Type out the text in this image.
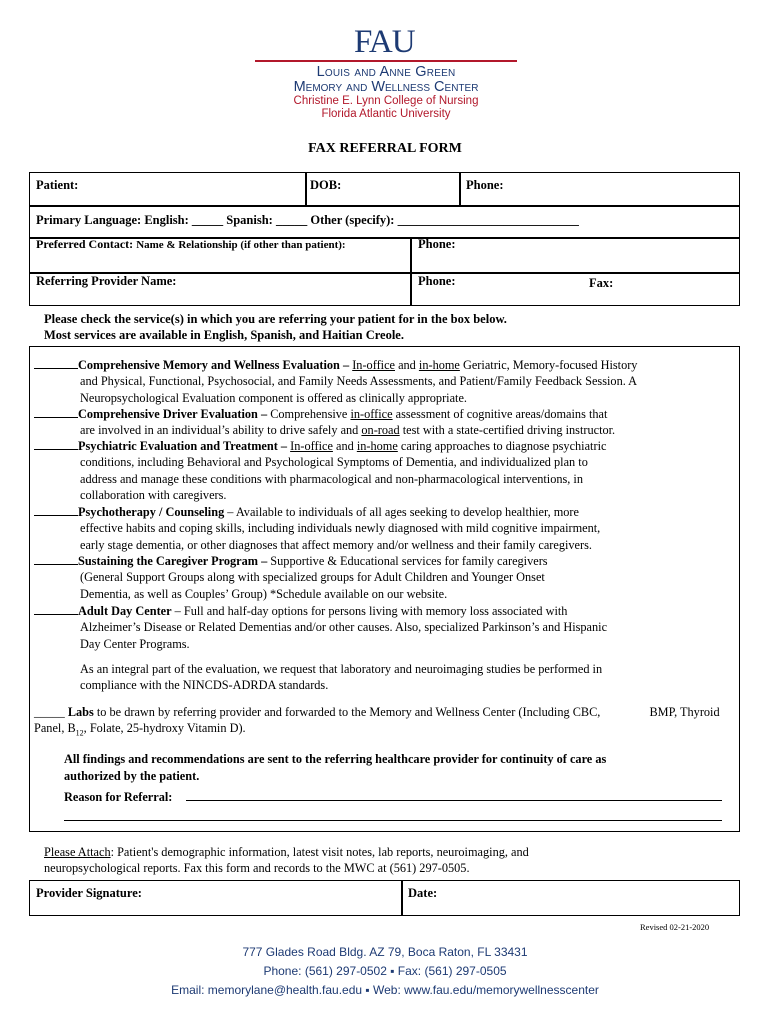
FAU
Louis and Anne Green
Memory and Wellness Center
Christine E. Lynn College of Nursing
Florida Atlantic University
FAX REFERRAL FORM
Patient:	DOB:	Phone:
Primary Language: English: _____ Spanish: _____ Other (specify): _____________________________
Preferred Contact: Name & Relationship (if other than patient):	Phone:
Referring Provider Name:	Phone:	Fax:
Please check the service(s) in which you are referring your patient for in the box below.
Most services are available in English, Spanish, and Haitian Creole.
Comprehensive Memory and Wellness Evaluation – In-office and in-home Geriatric, Memory-focused History
and Physical, Functional, Psychosocial, and Family Needs Assessments, and Patient/Family Feedback Session. A
Neuropsychological Evaluation component is offered as clinically appropriate.
Comprehensive Driver Evaluation – Comprehensive in-office assessment of cognitive areas/domains that
are involved in an individual’s ability to drive safely and on-road test with a state-certified driving instructor.
Psychiatric Evaluation and Treatment – In-office and in-home caring approaches to diagnose psychiatric
conditions, including Behavioral and Psychological Symptoms of Dementia, and individualized plan to
address and manage these conditions with pharmacological and non-pharmacological interventions, in
collaboration with caregivers.
Psychotherapy / Counseling – Available to individuals of all ages seeking to develop healthier, more
effective habits and coping skills, including individuals newly diagnosed with mild cognitive impairment,
early stage dementia, or other diagnoses that affect memory and/or wellness and their family caregivers.
Sustaining the Caregiver Program – Supportive & Educational services for family caregivers
(General Support Groups along with specialized groups for Adult Children and Younger Onset
Dementia, as well as Couples’ Group) *Schedule available on our website.
Adult Day Center – Full and half-day options for persons living with memory loss associated with
Alzheimer’s Disease or Related Dementias and/or other causes. Also, specialized Parkinson’s and Hispanic
Day Center Programs.
As an integral part of the evaluation, we request that laboratory and neuroimaging studies be performed in
compliance with the NINCDS-ADRDA standards.
_____ Labs to be drawn by referring provider and forwarded to the Memory and Wellness Center (Including CBC,	BMP, Thyroid Panel, $B_{12}$, Folate, 25-hydroxy Vitamin D).
All findings and recommendations are sent to the referring healthcare provider for continuity of care as
authorized by the patient.
Reason for Referral:
Please Attach: Patient's demographic information, latest visit notes, lab reports, neuroimaging, and
neuropsychological reports. Fax this form and records to the MWC at (561) 297-0505.
Provider Signature:	Date:
Revised 02-21-2020
777 Glades Road Bldg. AZ 79, Boca Raton, FL 33431
Phone: (561) 297-0502 ▪ Fax: (561) 297-0505
Email: memorylane@health.fau.edu ▪ Web: www.fau.edu/memorywellnesscenter
